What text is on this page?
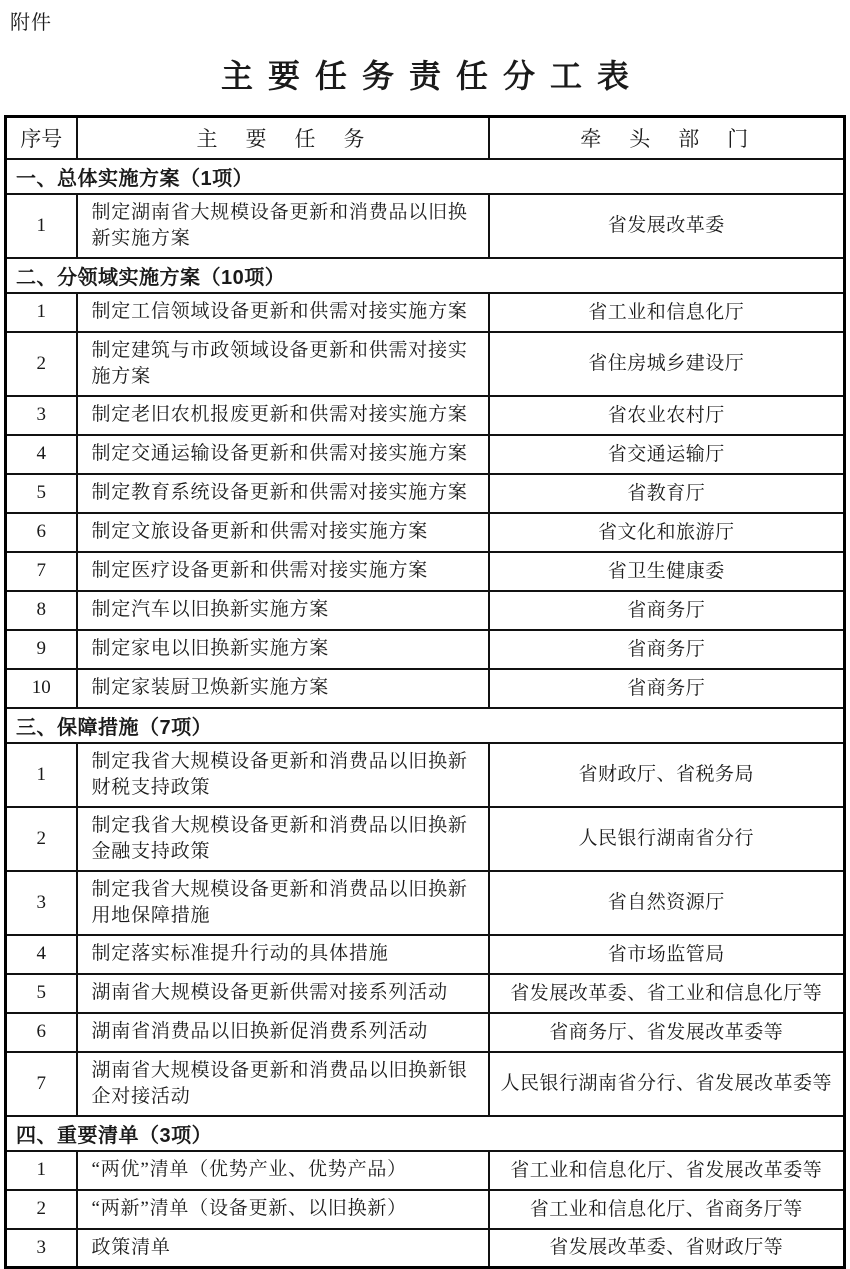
附件
主要任务责任分工表
序号	主要任务	牵头部门
一、总体实施方案（1项）		
1	制定湖南省大规模设备更新和消费品以旧换新实施方案	省发展改革委
二、分领域实施方案（10项）		
1	制定工信领域设备更新和供需对接实施方案	省工业和信息化厅
2	制定建筑与市政领域设备更新和供需对接实施方案	省住房城乡建设厅
3	制定老旧农机报废更新和供需对接实施方案	省农业农村厅
4	制定交通运输设备更新和供需对接实施方案	省交通运输厅
5	制定教育系统设备更新和供需对接实施方案	省教育厅
6	制定文旅设备更新和供需对接实施方案	省文化和旅游厅
7	制定医疗设备更新和供需对接实施方案	省卫生健康委
8	制定汽车以旧换新实施方案	省商务厅
9	制定家电以旧换新实施方案	省商务厅
10	制定家装厨卫焕新实施方案	省商务厅
三、保障措施（7项）		
1	制定我省大规模设备更新和消费品以旧换新财税支持政策	省财政厅、省税务局
2	制定我省大规模设备更新和消费品以旧换新金融支持政策	人民银行湖南省分行
3	制定我省大规模设备更新和消费品以旧换新用地保障措施	省自然资源厅
4	制定落实标准提升行动的具体措施	省市场监管局
5	湖南省大规模设备更新供需对接系列活动	省发展改革委、省工业和信息化厅等
6	湖南省消费品以旧换新促消费系列活动	省商务厅、省发展改革委等
7	湖南省大规模设备更新和消费品以旧换新银企对接活动	人民银行湖南省分行、省发展改革委等
四、重要清单（3项）		
1	“两优”清单（优势产业、优势产品）	省工业和信息化厅、省发展改革委等
2	“两新”清单（设备更新、以旧换新）	省工业和信息化厅、省商务厅等
3	政策清单	省发展改革委、省财政厅等
